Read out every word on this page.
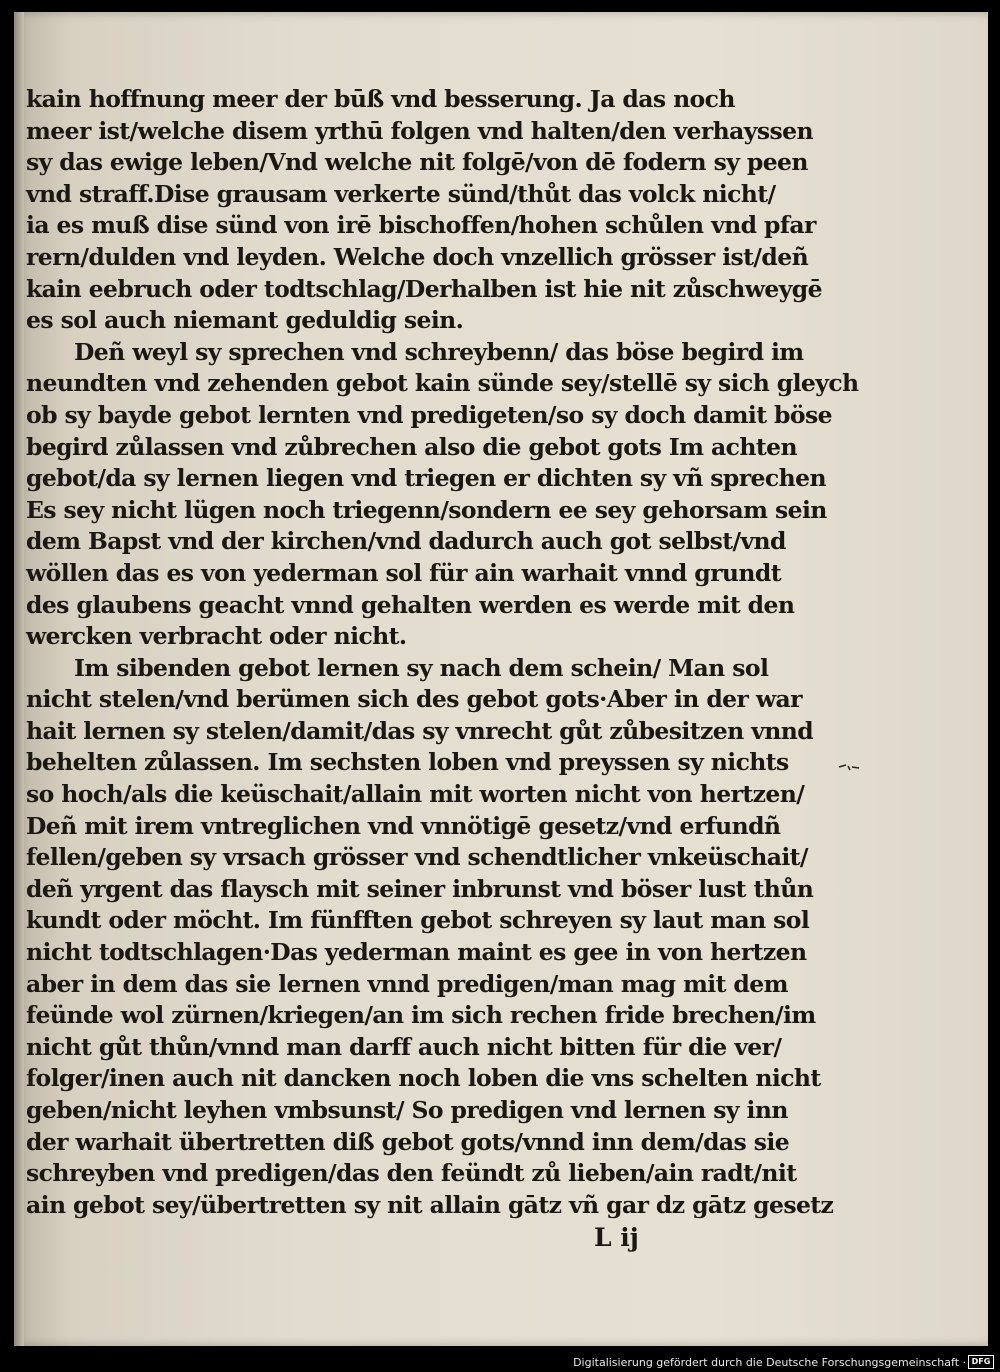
kain hoffnung meer der būß vnd besserung. Ja das noch
meer ist/welche disem yrthū folgen vnd halten/den verhayssen
sy das ewige leben/Vnd welche nit folgē/von dē fodern sy peen
vnd straff.Dise grausam verkerte sünd/thůt das volck nicht/
ia es muß dise sünd von irē bischoffen/hohen schůlen vnd pfar
rern/dulden vnd leyden. Welche doch vnzellich grösser ist/deñ
kain eebruch oder todtschlag/Derhalben ist hie nit zůschweygē
es sol auch niemant geduldig sein.
Deñ weyl sy sprechen vnd schreybenn/ das böse begird im
neundten vnd zehenden gebot kain sünde sey/stellē sy sich gleych
ob sy bayde gebot lernten vnd predigeten/so sy doch damit böse
begird zůlassen vnd zůbrechen also die gebot gots Im achten
gebot/da sy lernen liegen vnd triegen er dichten sy vñ sprechen
Es sey nicht lügen noch triegenn/sondern ee sey gehorsam sein
dem Bapst vnd der kirchen/vnd dadurch auch got selbst/vnd
wöllen das es von yederman sol für ain warhait vnnd grundt
des glaubens geacht vnnd gehalten werden es werde mit den
wercken verbracht oder nicht.
Im sibenden gebot lernen sy nach dem schein/ Man sol
nicht stelen/vnd berümen sich des gebot gots·Aber in der war
hait lernen sy stelen/damit/das sy vnrecht gůt zůbesitzen vnnd
behelten zůlassen. Im sechsten loben vnd preyssen sy nichts
so hoch/als die keüschait/allain mit worten nicht von hertzen/
Deñ mit irem vntreglichen vnd vnnötigē gesetz/vnd erfundñ
fellen/geben sy vrsach grösser vnd schendtlicher vnkeüschait/
deñ yrgent das flaysch mit seiner inbrunst vnd böser lust thůn
kundt oder möcht. Im fünfften gebot schreyen sy laut man sol
nicht todtschlagen·Das yederman maint es gee in von hertzen
aber in dem das sie lernen vnnd predigen/man mag mit dem
feünde wol zürnen/kriegen/an im sich rechen fride brechen/im
nicht gůt thůn/vnnd man darff auch nicht bitten für die ver/
folger/inen auch nit dancken noch loben die vns schelten nicht
geben/nicht leyhen vmbsunst/ So predigen vnd lernen sy inn
der warhait übertretten diß gebot gots/vnnd inn dem/das sie
schreyben vnd predigen/das den feündt zů lieben/ain radt/nit
ain gebot sey/übertretten sy nit allain gātz vñ gar dz gātz gesetz
L ij
Digitalisierung gefördert durch die Deutsche Forschungsgemeinschaft · DFG
